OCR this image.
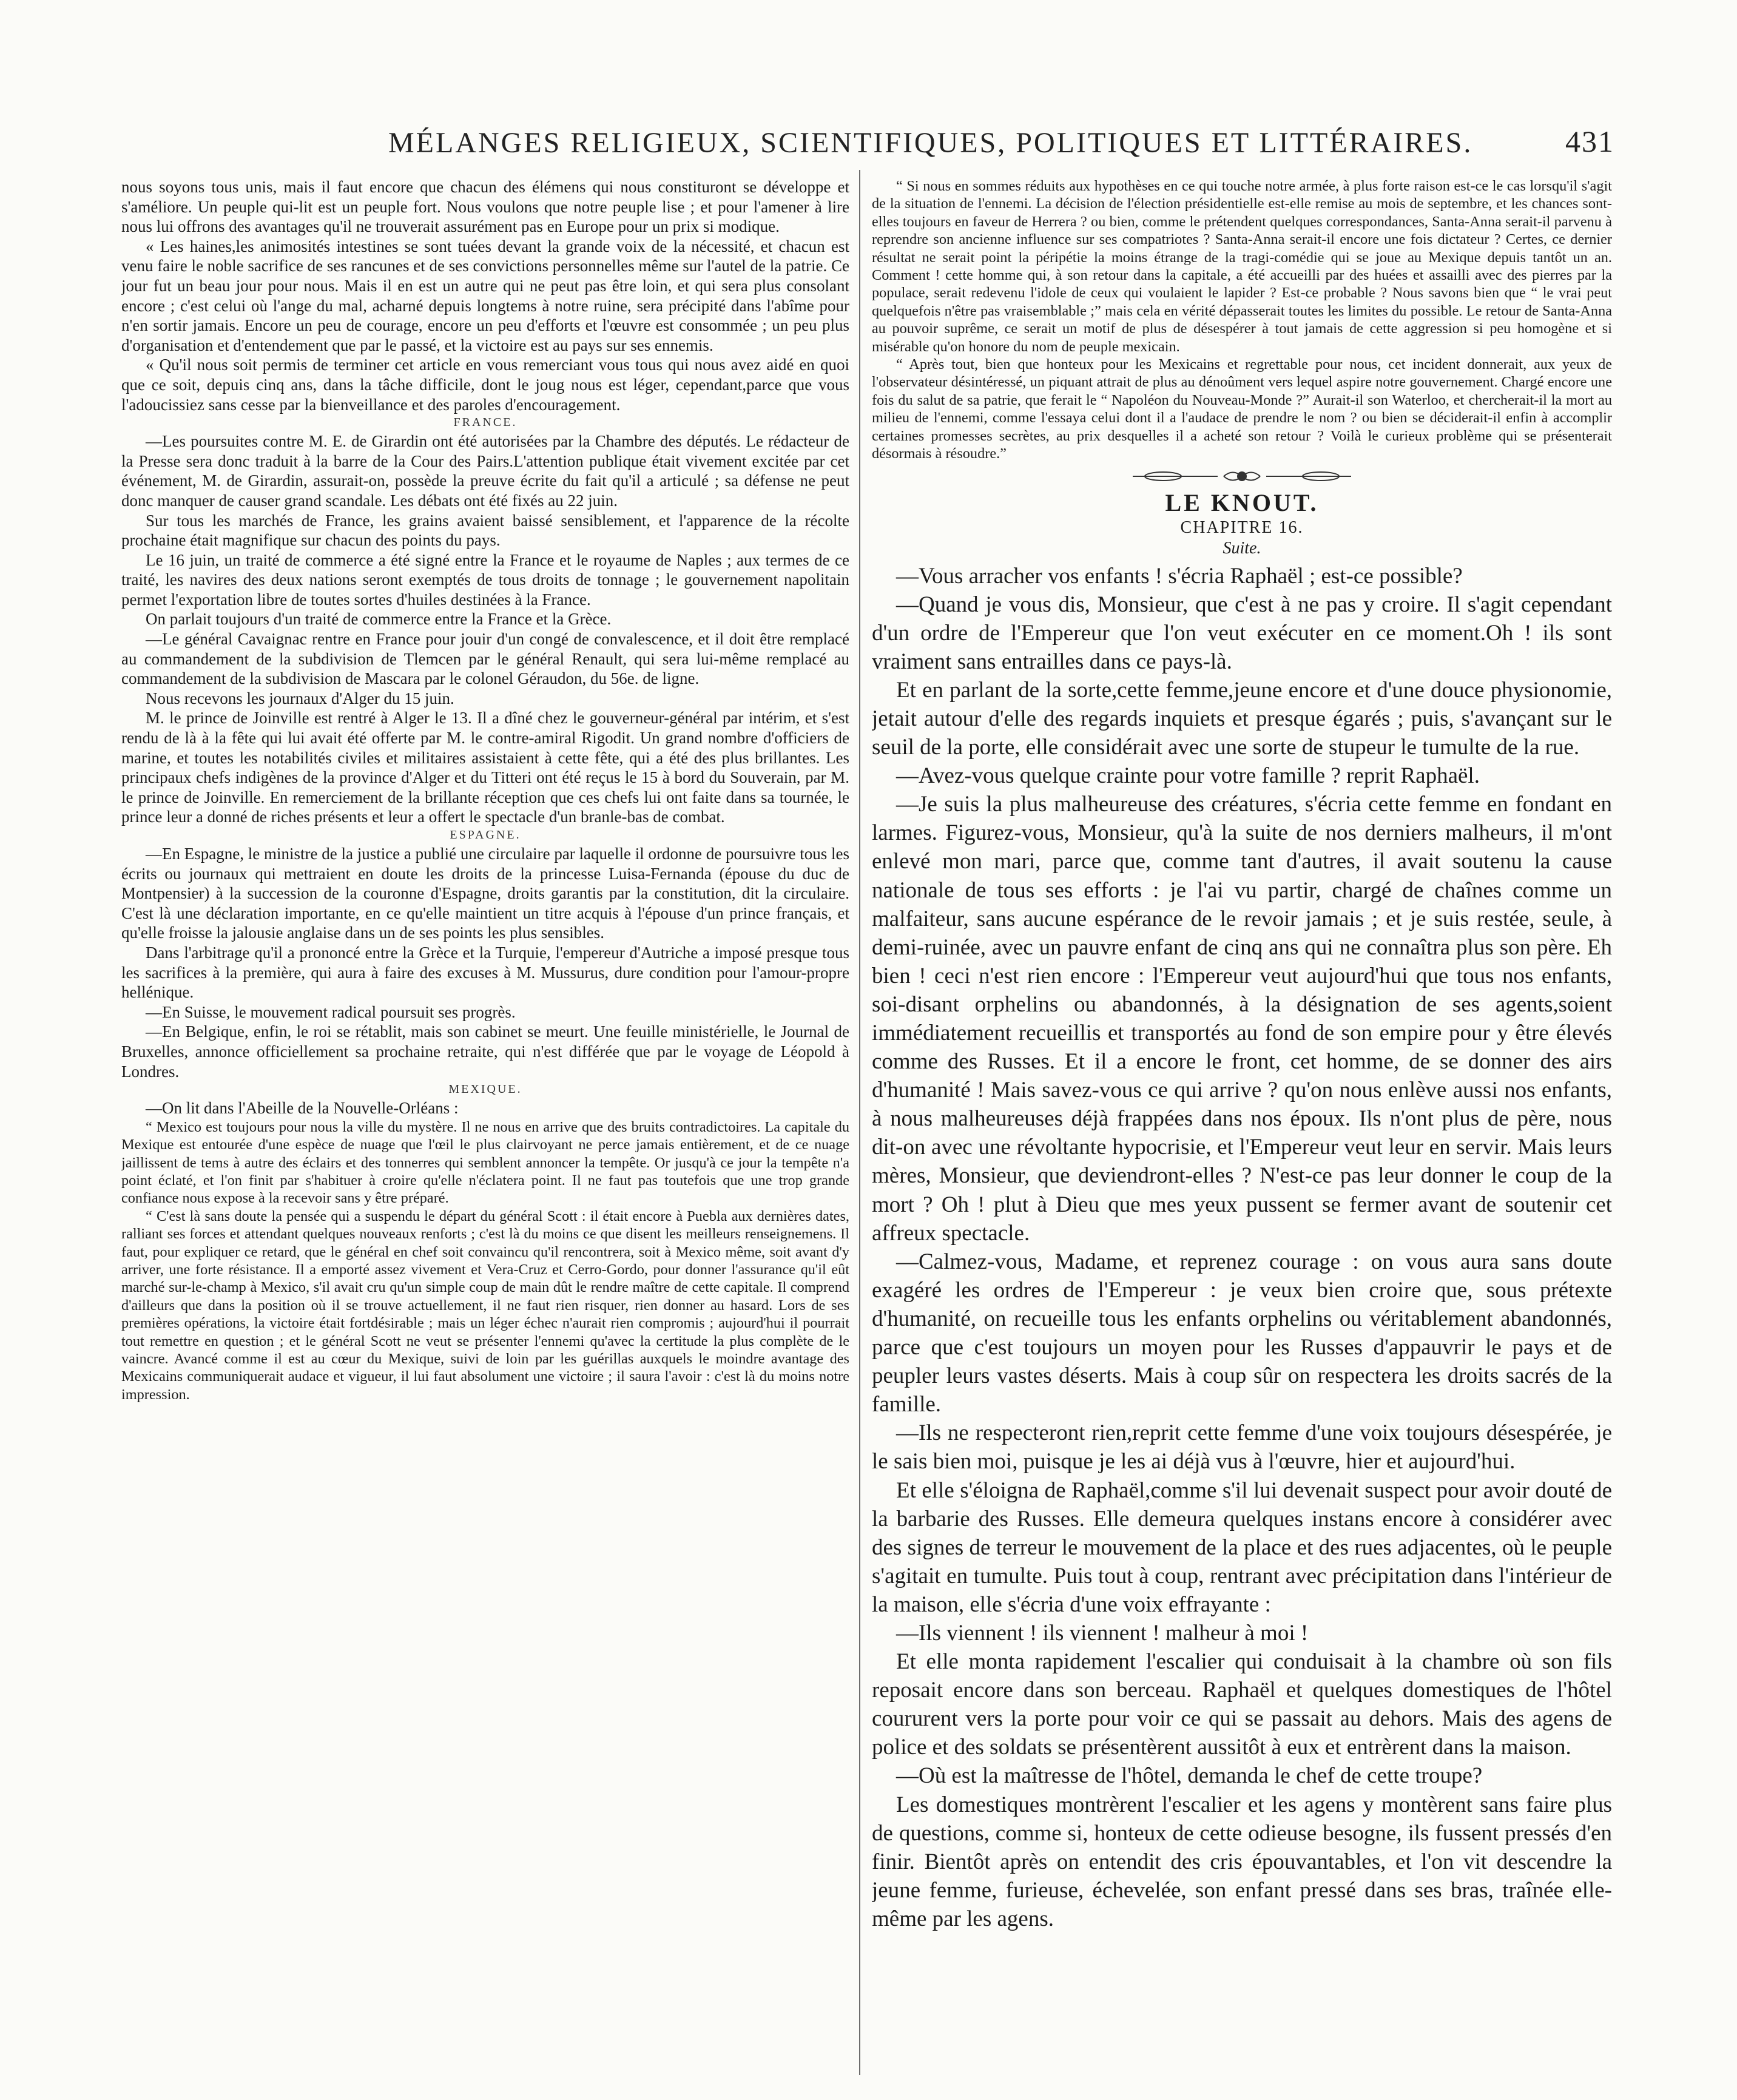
MÉLANGES RELIGIEUX, SCIENTIFIQUES, POLITIQUES ET LITTÉRAIRES.	431

nous soyons tous unis, mais il faut encore que chacun des élémens qui nous constituront se développe et s'améliore. Un peuple qui-lit est un peuple fort. Nous voulons que notre peuple lise ; et pour l'amener à lire nous lui offrons des avantages qu'il ne trouverait assurément pas en Europe pour un prix si modique.

« Les haines,les animosités intestines se sont tuées devant la grande voix de la nécessité, et chacun est venu faire le noble sacrifice de ses rancunes et de ses convictions personnelles même sur l'autel de la patrie. Ce jour fut un beau jour pour nous. Mais il en est un autre qui ne peut pas être loin, et qui sera plus consolant encore ; c'est celui où l'ange du mal, acharné depuis longtems à notre ruine, sera précipité dans l'abîme pour n'en sortir jamais. Encore un peu de courage, encore un peu d'efforts et l'œuvre est consommée ; un peu plus d'organisation et d'entendement que par le passé, et la victoire est au pays sur ses ennemis.

« Qu'il nous soit permis de terminer cet article en vous remerciant vous tous qui nous avez aidé en quoi que ce soit, depuis cinq ans, dans la tâche difficile, dont le joug nous est léger, cependant,parce que vous l'adoucissiez sans cesse par la bienveillance et des paroles d'encouragement.

FRANCE.

—Les poursuites contre M. E. de Girardin ont été autorisées par la Chambre des députés. Le rédacteur de la Presse sera donc traduit à la barre de la Cour des Pairs.L'attention publique était vivement excitée par cet événement, M. de Girardin, assurait-on, possède la preuve écrite du fait qu'il a articulé ; sa défense ne peut donc manquer de causer grand scandale. Les débats ont été fixés au 22 juin.

Sur tous les marchés de France, les grains avaient baissé sensiblement, et l'apparence de la récolte prochaine était magnifique sur chacun des points du pays.

Le 16 juin, un traité de commerce a été signé entre la France et le royaume de Naples ; aux termes de ce traité, les navires des deux nations seront exemptés de tous droits de tonnage ; le gouvernement napolitain permet l'exportation libre de toutes sortes d'huiles destinées à la France.

On parlait toujours d'un traité de commerce entre la France et la Grèce.

—Le général Cavaignac rentre en France pour jouir d'un congé de convalescence, et il doit être remplacé au commandement de la subdivision de Tlemcen par le général Renault, qui sera lui-même remplacé au commandement de la subdivision de Mascara par le colonel Géraudon, du 56e. de ligne.

Nous recevons les journaux d'Alger du 15 juin.

M. le prince de Joinville est rentré à Alger le 13. Il a dîné chez le gouverneur-général par intérim, et s'est rendu de là à la fête qui lui avait été offerte par M. le contre-amiral Rigodit. Un grand nombre d'officiers de marine, et toutes les notabilités civiles et militaires assistaient à cette fête, qui a été des plus brillantes. Les principaux chefs indigènes de la province d'Alger et du Titteri ont été reçus le 15 à bord du Souverain, par M. le prince de Joinville. En remerciement de la brillante réception que ces chefs lui ont faite dans sa tournée, le prince leur a donné de riches présents et leur a offert le spectacle d'un branle-bas de combat.

ESPAGNE.

—En Espagne, le ministre de la justice a publié une circulaire par laquelle il ordonne de poursuivre tous les écrits ou journaux qui mettraient en doute les droits de la princesse Luisa-Fernanda (épouse du duc de Montpensier) à la succession de la couronne d'Espagne, droits garantis par la constitution, dit la circulaire. C'est là une déclaration importante, en ce qu'elle maintient un titre acquis à l'épouse d'un prince français, et qu'elle froisse la jalousie anglaise dans un de ses points les plus sensibles.

Dans l'arbitrage qu'il a prononcé entre la Grèce et la Turquie, l'empereur d'Autriche a imposé presque tous les sacrifices à la première, qui aura à faire des excuses à M. Mussurus, dure condition pour l'amour-propre hellénique.

—En Suisse, le mouvement radical poursuit ses progrès.

—En Belgique, enfin, le roi se rétablit, mais son cabinet se meurt. Une feuille ministérielle, le Journal de Bruxelles, annonce officiellement sa prochaine retraite, qui n'est différée que par le voyage de Léopold à Londres.

MEXIQUE.

—On lit dans l'Abeille de la Nouvelle-Orléans :

“ Mexico est toujours pour nous la ville du mystère. Il ne nous en arrive que des bruits contradictoires. La capitale du Mexique est entourée d'une espèce de nuage que l'œil le plus clairvoyant ne perce jamais entièrement, et de ce nuage jaillissent de tems à autre des éclairs et des tonnerres qui semblent annoncer la tempête. Or jusqu'à ce jour la tempête n'a point éclaté, et l'on finit par s'habituer à croire qu'elle n'éclatera point. Il ne faut pas toutefois que une trop grande confiance nous expose à la recevoir sans y être préparé.

“ C'est là sans doute la pensée qui a suspendu le départ du général Scott : il était encore à Puebla aux dernières dates, ralliant ses forces et attendant quelques nouveaux renforts ; c'est là du moins ce que disent les meilleurs renseignemens. Il faut, pour expliquer ce retard, que le général en chef soit convaincu qu'il rencontrera, soit à Mexico même, soit avant d'y arriver, une forte résistance. Il a emporté assez vivement et Vera-Cruz et Cerro-Gordo, pour donner l'assurance qu'il eût marché sur-le-champ à Mexico, s'il avait cru qu'un simple coup de main dût le rendre maître de cette capitale. Il comprend d'ailleurs que dans la position où il se trouve actuellement, il ne faut rien risquer, rien donner au hasard. Lors de ses premières opérations, la victoire était fortdésirable ; mais un léger échec n'aurait rien compromis ; aujourd'hui il pourrait tout remettre en question ; et le général Scott ne veut se présenter l'ennemi qu'avec la certitude la plus complète de le vaincre. Avancé comme il est au cœur du Mexique, suivi de loin par les guérillas auxquels le moindre avantage des Mexicains communiquerait audace et vigueur, il lui faut absolument une victoire ; il saura l'avoir : c'est là du moins notre impression.

“ Si nous en sommes réduits aux hypothèses en ce qui touche notre armée, à plus forte raison est-ce le cas lorsqu'il s'agit de la situation de l'ennemi. La décision de l'élection présidentielle est-elle remise au mois de septembre, et les chances sont-elles toujours en faveur de Herrera ? ou bien, comme le prétendent quelques correspondances, Santa-Anna serait-il parvenu à reprendre son ancienne influence sur ses compatriotes ? Santa-Anna serait-il encore une fois dictateur ? Certes, ce dernier résultat ne serait point la péripétie la moins étrange de la tragi-comédie qui se joue au Mexique depuis tantôt un an. Comment ! cette homme qui, à son retour dans la capitale, a été accueilli par des huées et assailli avec des pierres par la populace, serait redevenu l'idole de ceux qui voulaient le lapider ? Est-ce probable ? Nous savons bien que “ le vrai peut quelquefois n'être pas vraisemblable ;” mais cela en vérité dépasserait toutes les limites du possible. Le retour de Santa-Anna au pouvoir suprême, ce serait un motif de plus de désespérer à tout jamais de cette aggression si peu homogène et si misérable qu'on honore du nom de peuple mexicain.

“ Après tout, bien que honteux pour les Mexicains et regrettable pour nous, cet incident donnerait, aux yeux de l'observateur désintéressé, un piquant attrait de plus au dénoûment vers lequel aspire notre gouvernement. Chargé encore une fois du salut de sa patrie, que ferait le “ Napoléon du Nouveau-Monde ?” Aurait-il son Waterloo, et chercherait-il la mort au milieu de l'ennemi, comme l'essaya celui dont il a l'audace de prendre le nom ? ou bien se déciderait-il enfin à accomplir certaines promesses secrètes, au prix desquelles il a acheté son retour ? Voilà le curieux problème qui se présenterait désormais à résoudre.”

LE KNOUT.
CHAPITRE 16.
Suite.

—Vous arracher vos enfants ! s'écria Raphaël ; est-ce possible?

—Quand je vous dis, Monsieur, que c'est à ne pas y croire. Il s'agit cependant d'un ordre de l'Empereur que l'on veut exécuter en ce moment.Oh ! ils sont vraiment sans entrailles dans ce pays-là.

Et en parlant de la sorte,cette femme,jeune encore et d'une douce physionomie, jetait autour d'elle des regards inquiets et presque égarés ; puis, s'avançant sur le seuil de la porte, elle considérait avec une sorte de stupeur le tumulte de la rue.

—Avez-vous quelque crainte pour votre famille ? reprit Raphaël.

—Je suis la plus malheureuse des créatures, s'écria cette femme en fondant en larmes. Figurez-vous, Monsieur, qu'à la suite de nos derniers malheurs, il m'ont enlevé mon mari, parce que, comme tant d'autres, il avait soutenu la cause nationale de tous ses efforts : je l'ai vu partir, chargé de chaînes comme un malfaiteur, sans aucune espérance de le revoir jamais ; et je suis restée, seule, à demi-ruinée, avec un pauvre enfant de cinq ans qui ne connaîtra plus son père. Eh bien ! ceci n'est rien encore : l'Empereur veut aujourd'hui que tous nos enfants, soi-disant orphelins ou abandonnés, à la désignation de ses agents,soient immédiatement recueillis et transportés au fond de son empire pour y être élevés comme des Russes. Et il a encore le front, cet homme, de se donner des airs d'humanité ! Mais savez-vous ce qui arrive ? qu'on nous enlève aussi nos enfants, à nous malheureuses déjà frappées dans nos époux. Ils n'ont plus de père, nous dit-on avec une révoltante hypocrisie, et l'Empereur veut leur en servir. Mais leurs mères, Monsieur, que deviendront-elles ? N'est-ce pas leur donner le coup de la mort ? Oh ! plut à Dieu que mes yeux pussent se fermer avant de soutenir cet affreux spectacle.

—Calmez-vous, Madame, et reprenez courage : on vous aura sans doute exagéré les ordres de l'Empereur : je veux bien croire que, sous prétexte d'humanité, on recueille tous les enfants orphelins ou véritablement abandonnés, parce que c'est toujours un moyen pour les Russes d'appauvrir le pays et de peupler leurs vastes déserts. Mais à coup sûr on respectera les droits sacrés de la famille.

—Ils ne respecteront rien,reprit cette femme d'une voix toujours désespérée, je le sais bien moi, puisque je les ai déjà vus à l'œuvre, hier et aujourd'hui.

Et elle s'éloigna de Raphaël,comme s'il lui devenait suspect pour avoir douté de la barbarie des Russes. Elle demeura quelques instans encore à considérer avec des signes de terreur le mouvement de la place et des rues adjacentes, où le peuple s'agitait en tumulte. Puis tout à coup, rentrant avec précipitation dans l'intérieur de la maison, elle s'écria d'une voix effrayante :

—Ils viennent ! ils viennent ! malheur à moi !

Et elle monta rapidement l'escalier qui conduisait à la chambre où son fils reposait encore dans son berceau. Raphaël et quelques domestiques de l'hôtel coururent vers la porte pour voir ce qui se passait au dehors. Mais des agens de police et des soldats se présentèrent aussitôt à eux et entrèrent dans la maison.

—Où est la maîtresse de l'hôtel, demanda le chef de cette troupe?

Les domestiques montrèrent l'escalier et les agens y montèrent sans faire plus de questions, comme si, honteux de cette odieuse besogne, ils fussent pressés d'en finir. Bientôt après on entendit des cris épouvantables, et l'on vit descendre la jeune femme, furieuse, échevelée, son enfant pressé dans ses bras, traînée elle-même par les agens.
